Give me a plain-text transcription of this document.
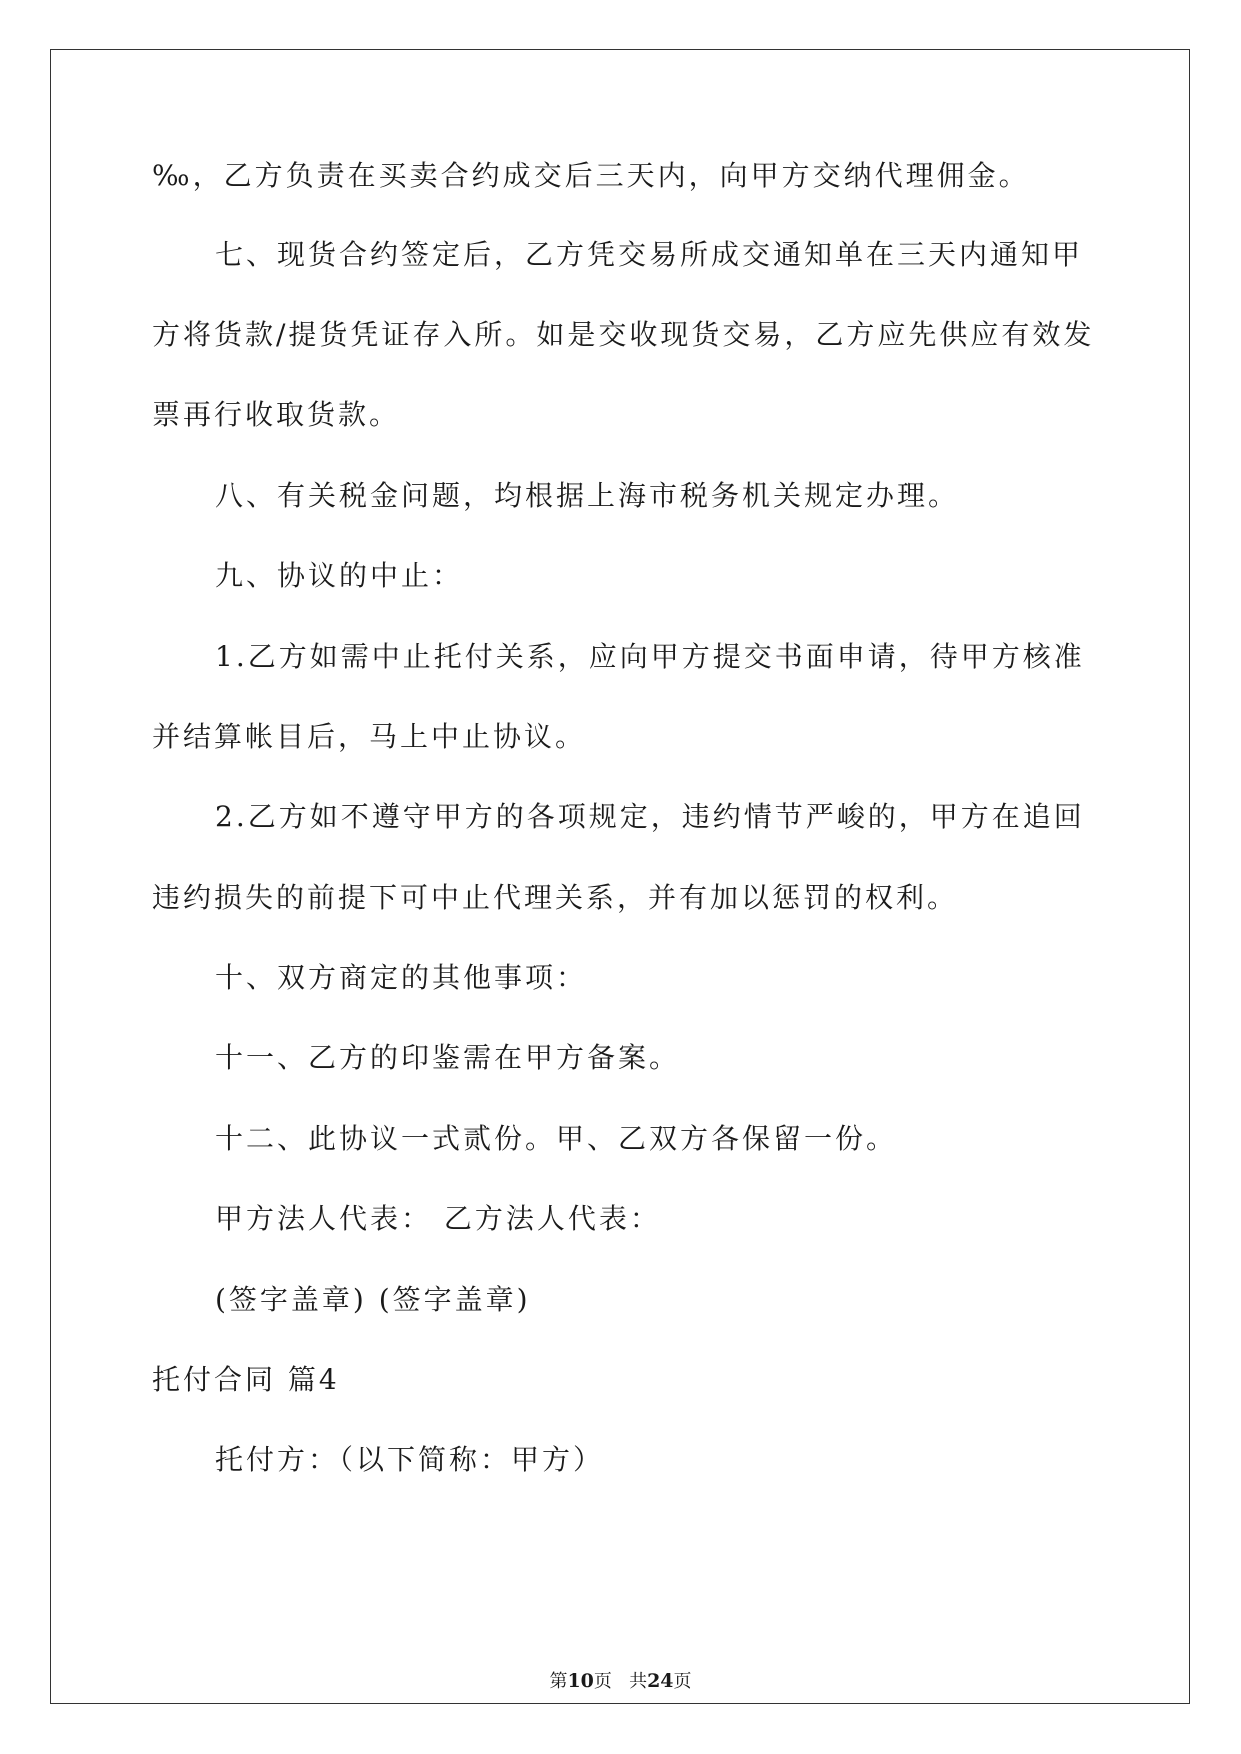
‰，乙方负责在买卖合约成交后三天内，向甲方交纳代理佣金。
七、现货合约签定后，乙方凭交易所成交通知单在三天内通知甲
方将货款/提货凭证存入所。如是交收现货交易，乙方应先供应有效发
票再行收取货款。
八、有关税金问题，均根据上海市税务机关规定办理。
九、协议的中止：
1.乙方如需中止托付关系，应向甲方提交书面申请，待甲方核准
并结算帐目后，马上中止协议。
2.乙方如不遵守甲方的各项规定，违约情节严峻的，甲方在追回
违约损失的前提下可中止代理关系，并有加以惩罚的权利。
十、双方商定的其他事项：
十一、乙方的印鉴需在甲方备案。
十二、此协议一式贰份。甲、乙双方各保留一份。
甲方法人代表： 乙方法人代表：
(签字盖章) (签字盖章)
托付合同 篇4
托付方：（以下简称：甲方）
第10页 共24页
